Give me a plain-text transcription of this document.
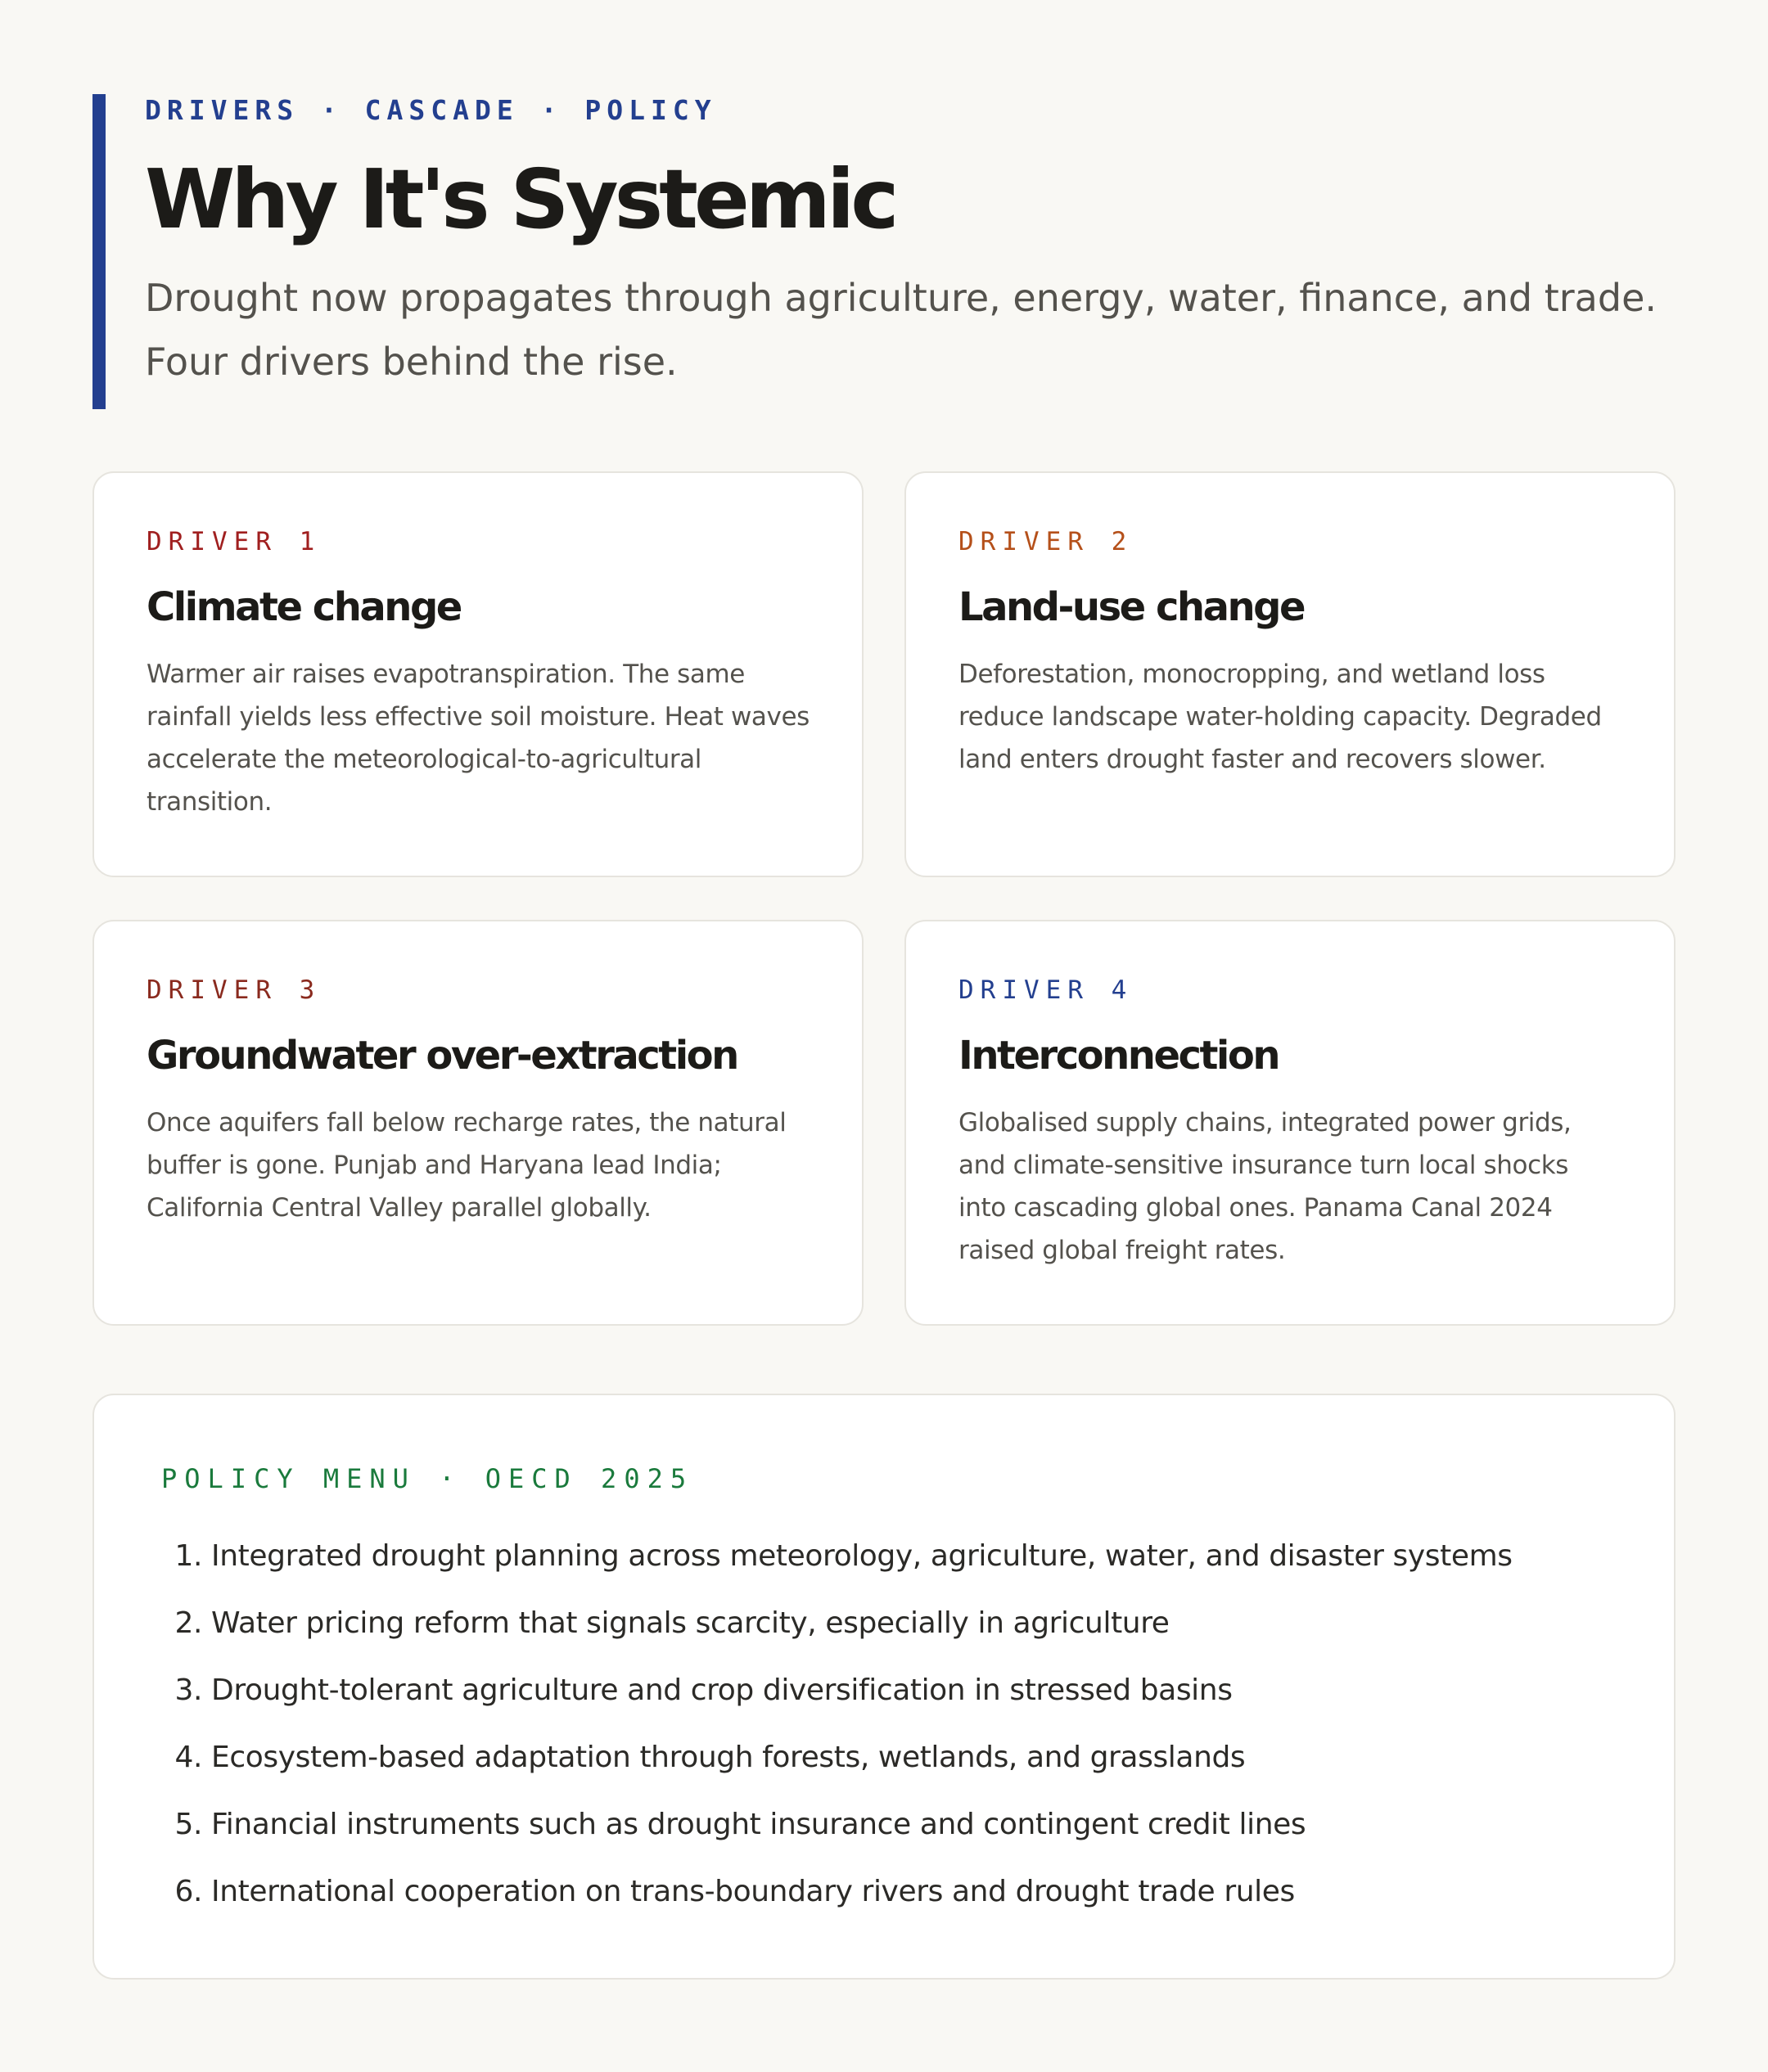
DRIVERS · CASCADE · POLICY

Why It's Systemic

Drought now propagates through agriculture, energy, water, finance, and trade. Four drivers behind the rise.

DRIVER 1

Climate change

Warmer air raises evapotranspiration. The same rainfall yields less effective soil moisture. Heat waves accelerate the meteorological-to-agricultural transition.

DRIVER 2

Land-use change

Deforestation, monocropping, and wetland loss reduce landscape water-holding capacity. Degraded land enters drought faster and recovers slower.

DRIVER 3

Groundwater over-extraction

Once aquifers fall below recharge rates, the natural buffer is gone. Punjab and Haryana lead India; California Central Valley parallel globally.

DRIVER 4

Interconnection

Globalised supply chains, integrated power grids, and climate-sensitive insurance turn local shocks into cascading global ones. Panama Canal 2024 raised global freight rates.

POLICY MENU · OECD 2025

1. Integrated drought planning across meteorology, agriculture, water, and disaster systems
2. Water pricing reform that signals scarcity, especially in agriculture
3. Drought-tolerant agriculture and crop diversification in stressed basins
4. Ecosystem-based adaptation through forests, wetlands, and grasslands
5. Financial instruments such as drought insurance and contingent credit lines
6. International cooperation on trans-boundary rivers and drought trade rules
